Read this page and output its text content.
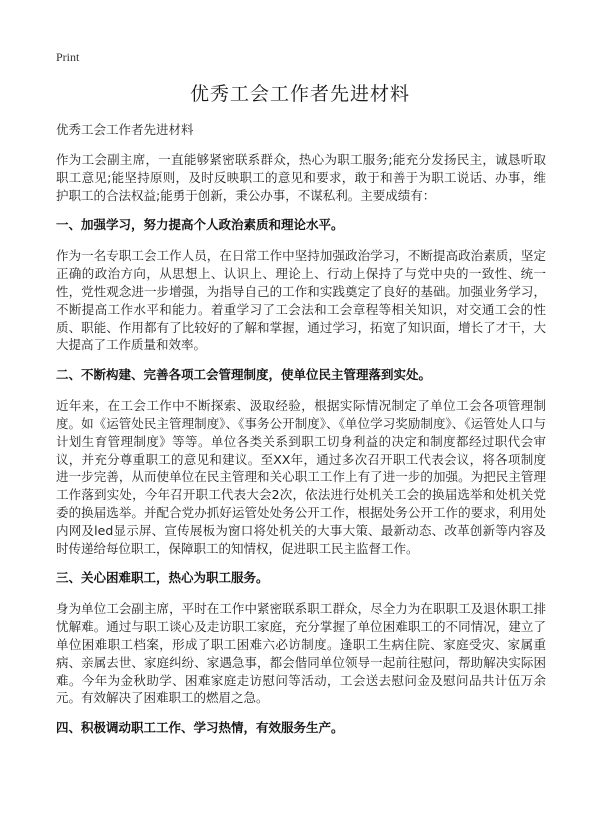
Print
优秀工会工作者先进材料
优秀工会工作者先进材料

作为工会副主席，一直能够紧密联系群众，热心为职工服务;能充分发扬民主，诚恳听取职工意见;能坚持原则，及时反映职工的意见和要求，敢于和善于为职工说话、办事，维护职工的合法权益;能勇于创新，秉公办事，不谋私利。主要成绩有：

一、加强学习，努力提高个人政治素质和理论水平。

作为一名专职工会工作人员，在日常工作中坚持加强政治学习，不断提高政治素质，坚定正确的政治方向，从思想上、认识上、理论上、行动上保持了与党中央的一致性、统一性，党性观念进一步增强，为指导自己的工作和实践奠定了良好的基础。加强业务学习，不断提高工作水平和能力。着重学习了工会法和工会章程等相关知识，对交通工会的性质、职能、作用都有了比较好的了解和掌握，通过学习，拓宽了知识面，增长了才干，大大提高了工作质量和效率。

二、不断构建、完善各项工会管理制度，使单位民主管理落到实处。

近年来，在工会工作中不断探索、汲取经验，根据实际情况制定了单位工会各项管理制度。如《运管处民主管理制度》、《事务公开制度》、《单位学习奖励制度》、《运管处人口与计划生育管理制度》等等。单位各类关系到职工切身利益的决定和制度都经过职代会审议，并充分尊重职工的意见和建议。至XX年，通过多次召开职工代表会议，将各项制度进一步完善，从而使单位在民主管理和关心职工工作上有了进一步的加强。为把民主管理工作落到实处，今年召开职工代表大会2次，依法进行处机关工会的换届选举和处机关党委的换届选举。并配合党办抓好运管处处务公开工作，根据处务公开工作的要求，利用处内网及led显示屏、宣传展板为窗口将处机关的大事大策、最新动态、改革创新等内容及时传递给每位职工，保障职工的知情权，促进职工民主监督工作。

三、关心困难职工，热心为职工服务。

身为单位工会副主席，平时在工作中紧密联系职工群众，尽全力为在职职工及退休职工排忧解难。通过与职工谈心及走访职工家庭，充分掌握了单位困难职工的不同情况，建立了单位困难职工档案，形成了职工困难六必访制度。逢职工生病住院、家庭受灾、家属重病、亲属去世、家庭纠纷、家遇急事，都会偕同单位领导一起前往慰问，帮助解决实际困难。今年为金秋助学、困难家庭走访慰问等活动，工会送去慰问金及慰问品共计伍万余元。有效解决了困难职工的燃眉之急。

四、积极调动职工工作、学习热情，有效服务生产。
